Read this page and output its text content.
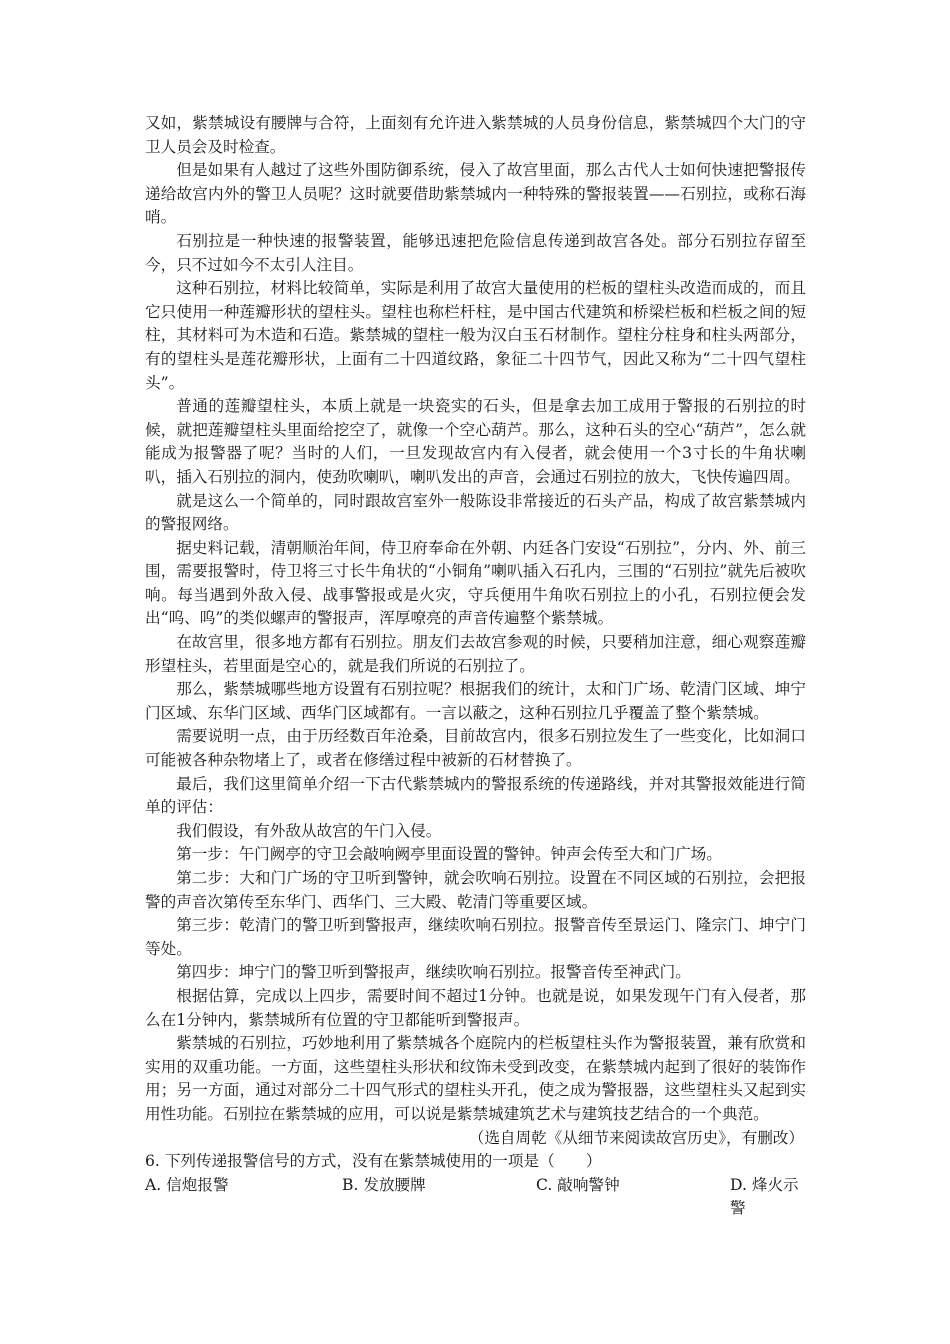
又如，紫禁城设有腰牌与合符，上面刻有允许进入紫禁城的人员身份信息，紫禁城四个大门的守卫人员会及时检查。

但是如果有人越过了这些外围防御系统，侵入了故宫里面，那么古代人士如何快速把警报传递给故宫内外的警卫人员呢？这时就要借助紫禁城内一种特殊的警报装置——石别拉，或称石海哨。

石别拉是一种快速的报警装置，能够迅速把危险信息传递到故宫各处。部分石别拉存留至今，只不过如今不太引人注目。

这种石别拉，材料比较简单，实际是利用了故宫大量使用的栏板的望柱头改造而成的，而且它只使用一种莲瓣形状的望柱头。望柱也称栏杆柱，是中国古代建筑和桥梁栏板和栏板之间的短柱，其材料可为木造和石造。紫禁城的望柱一般为汉白玉石材制作。望柱分柱身和柱头两部分，有的望柱头是莲花瓣形状，上面有二十四道纹路，象征二十四节气，因此又称为“二十四气望柱头”。

普通的莲瓣望柱头，本质上就是一块瓷实的石头，但是拿去加工成用于警报的石别拉的时候，就把莲瓣望柱头里面给挖空了，就像一个空心葫芦。那么，这种石头的空心“葫芦”，怎么就能成为报警器了呢？当时的人们，一旦发现故宫内有入侵者，就会使用一个3寸长的牛角状喇叭，插入石别拉的洞内，使劲吹喇叭，喇叭发出的声音，会通过石别拉的放大，飞快传遍四周。

就是这么一个简单的，同时跟故宫室外一般陈设非常接近的石头产品，构成了故宫紫禁城内的警报网络。

据史料记载，清朝顺治年间，侍卫府奉命在外朝、内廷各门安设“石别拉”，分内、外、前三围，需要报警时，侍卫将三寸长牛角状的“小铜角”喇叭插入石孔内，三围的“石别拉”就先后被吹响。每当遇到外敌入侵、战事警报或是火灾，守兵便用牛角吹石别拉上的小孔，石别拉便会发出“呜、呜”的类似螺声的警报声，浑厚嘹亮的声音传遍整个紫禁城。

在故宫里，很多地方都有石别拉。朋友们去故宫参观的时候，只要稍加注意，细心观察莲瓣形望柱头，若里面是空心的，就是我们所说的石别拉了。

那么，紫禁城哪些地方设置有石别拉呢？根据我们的统计，太和门广场、乾清门区域、坤宁门区域、东华门区域、西华门区域都有。一言以蔽之，这种石别拉几乎覆盖了整个紫禁城。

需要说明一点，由于历经数百年沧桑，目前故宫内，很多石别拉发生了一些变化，比如洞口可能被各种杂物堵上了，或者在修缮过程中被新的石材替换了。

最后，我们这里简单介绍一下古代紫禁城内的警报系统的传递路线，并对其警报效能进行简单的评估：

我们假设，有外敌从故宫的午门入侵。

第一步：午门阙亭的守卫会敲响阙亭里面设置的警钟。钟声会传至大和门广场。

第二步：大和门广场的守卫听到警钟，就会吹响石别拉。设置在不同区域的石别拉，会把报警的声音次第传至东华门、西华门、三大殿、乾清门等重要区域。

第三步：乾清门的警卫听到警报声，继续吹响石别拉。报警音传至景运门、隆宗门、坤宁门等处。

第四步：坤宁门的警卫听到警报声，继续吹响石别拉。报警音传至神武门。

根据估算，完成以上四步，需要时间不超过1分钟。也就是说，如果发现午门有入侵者，那么在1分钟内，紫禁城所有位置的守卫都能听到警报声。

紫禁城的石别拉，巧妙地利用了紫禁城各个庭院内的栏板望柱头作为警报装置，兼有欣赏和实用的双重功能。一方面，这些望柱头形状和纹饰未受到改变，在紫禁城内起到了很好的装饰作用；另一方面，通过对部分二十四气形式的望柱头开孔，使之成为警报器，这些望柱头又起到实用性功能。石别拉在紫禁城的应用，可以说是紫禁城建筑艺术与建筑技艺结合的一个典范。

（选自周乾《从细节来阅读故宫历史》，有删改）

6. 下列传递报警信号的方式，没有在紫禁城使用的一项是（　　）

A. 信炮报警	B. 发放腰牌	C. 敲响警钟	D. 烽火示警
